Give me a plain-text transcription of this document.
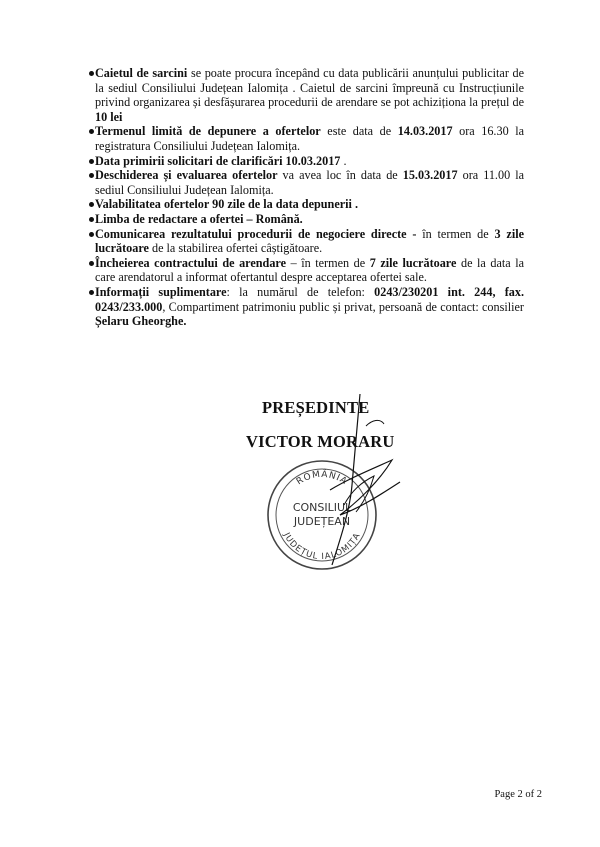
Caietul de sarcini se poate procura începând cu data publicării anunțului publicitar de la sediul Consiliului Județean Ialomița . Caietul de sarcini împreună cu Instrucțiunile privind organizarea și desfășurarea procedurii de arendare se pot achiziționa la prețul de 10 lei
Termenul limită de depunere a ofertelor este data de 14.03.2017 ora 16.30 la registratura Consiliului Județean Ialomița.
Data primirii solicitari de clarificări 10.03.2017 .
Deschiderea și evaluarea ofertelor va avea loc în data de 15.03.2017 ora 11.00 la sediul Consiliului Județean Ialomița.
Valabilitatea ofertelor 90 zile de la data depunerii .
Limba de redactare a ofertei – Română.
Comunicarea rezultatului procedurii de negociere directe - în termen de 3 zile lucrătoare de la stabilirea ofertei câștigătoare.
Încheierea contractului de arendare – în termen de 7 zile lucrătoare de la data la care arendatorul a informat ofertantul despre acceptarea ofertei sale.
Informații suplimentare: la numărul de telefon: 0243/230201 int. 244, fax. 0243/233.000, Compartiment patrimoniu public și privat, persoană de contact: consilier Șelaru Gheorghe.
PREȘEDINTE
VICTOR MORARU
ROMÂNIA
CONSILIUL
JUDEȚEAN
JUDEȚUL IALOMIȚA
Page 2 of 2
